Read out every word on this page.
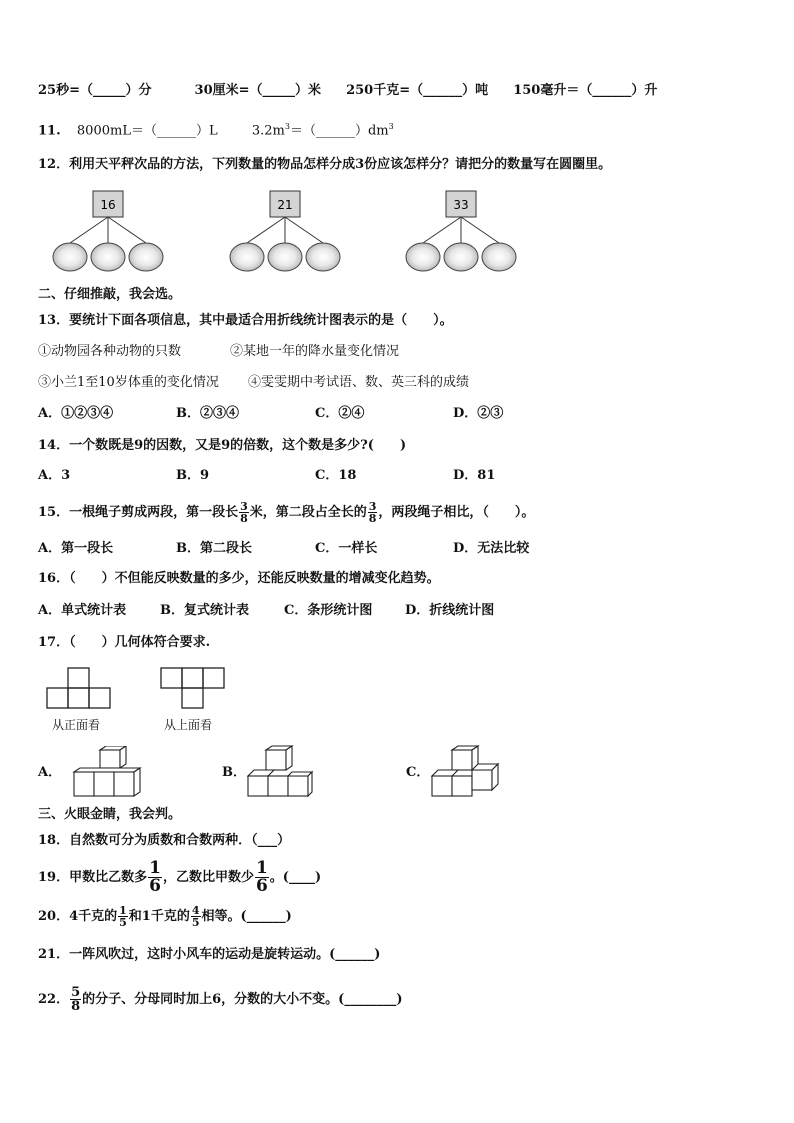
25秒=（_____）分	30厘米=（_____）米 250千克=（______）吨 150毫升＝（______）升
11. 8000mL＝（______）L	$3.2m^3=(\_\_\_\_\_\_)dm^3$
12．利用天平秤次品的方法，下列数量的物品怎样分成3份应该怎样分？请把分的数量写在圆圈里。
16	21	33
二、仔细推敲，我会选。
13．要统计下面各项信息，其中最适合用折线统计图表示的是（　　）。
①动物园各种动物的只数	②某地一年的降水量变化情况
③小兰1至10岁体重的变化情况 ④雯雯期中考试语、数、英三科的成绩
A．①②③④	B．②③④	C．②④	D．②③
14．一个数既是9的因数，又是9的倍数，这个数是多少?(　　)
A．3	B．9	C．18	D．81
15．一根绳子剪成两段，第一段长 $\frac{3}{8}$ 米，第二段占全长的 $\frac{3}{8}$ ，两段绳子相比，（　　）。
A．第一段长	B．第二段长	C．一样长	D．无法比较
16．（　　）不但能反映数量的多少，还能反映数量的增减变化趋势。
A．单式统计表	B．复式统计表	C．条形统计图	D．折线统计图
17．（　　）几何体符合要求.
从正面看	从上面看
A．	B．	C．
三、火眼金睛，我会判。
18．自然数可分为质数和合数两种．（___）
19．甲数比乙数多 $\frac{1}{6}$ ，乙数比甲数少 $\frac{1}{6}$ 。(____)
20．4千克的 $\frac{1}{5}$ 和1千克的 $\frac{4}{5}$ 相等。(______)
21．一阵风吹过，这时小风车的运动是旋转运动。(______)
22． $\frac{5}{8}$ 的分子、分母同时加上6，分数的大小不变。(________)
